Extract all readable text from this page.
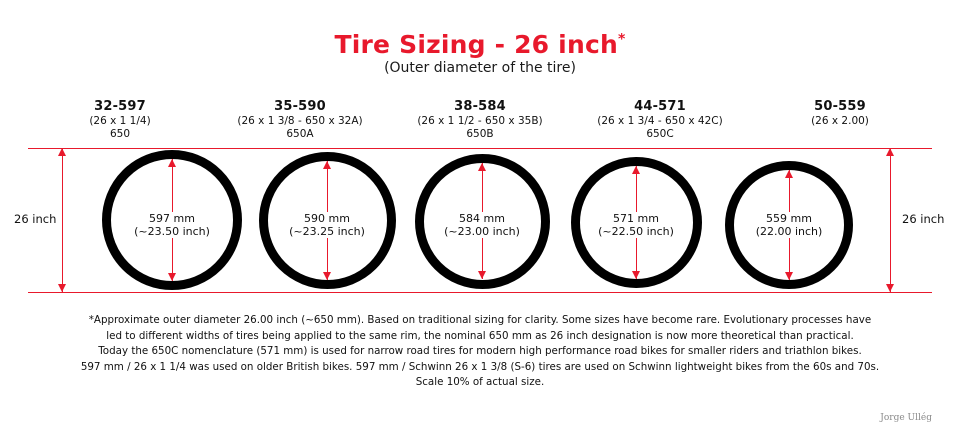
Tire Sizing - 26 inch*
(Outer diameter of the tire)
32-597
(26 x 1 1/4)
650
35-590
(26 x 1 3/8 - 650 x 32A)
650A
38-584
(26 x 1 1/2 - 650 x 35B)
650B
44-571
(26 x 1 3/4 - 650 x 42C)
650C
50-559
(26 x 2.00)
26 inch	26 inch
597 mm
(~23.50 inch)
590 mm
(~23.25 inch)
584 mm
(~23.00 inch)
571 mm
(~22.50 inch)
559 mm
(22.00 inch)
*Approximate outer diameter 26.00 inch (~650 mm). Based on traditional sizing for clarity. Some sizes have become rare. Evolutionary processes have
led to different widths of tires being applied to the same rim, the nominal 650 mm as 26 inch designation is now more theoretical than practical.
Today the 650C nomenclature (571 mm) is used for narrow road tires for modern high performance road bikes for smaller riders and triathlon bikes.
597 mm / 26 x 1 1/4 was used on older British bikes. 597 mm / Schwinn 26 x 1 3/8 (S-6) tires are used on Schwinn lightweight bikes from the 60s and 70s.
Scale 10% of actual size.
Jorge Ullég
